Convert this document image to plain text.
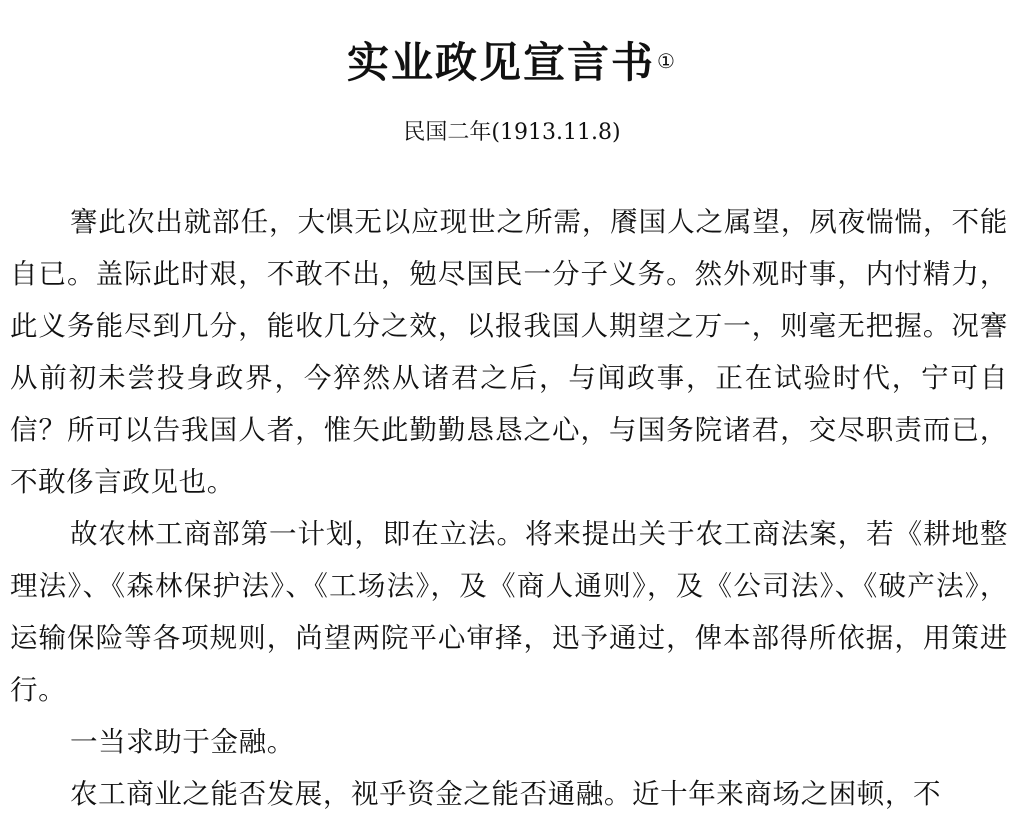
实业政见宣言书 ①
民国二年(1913.11.8)

謇此次出就部任，大惧无以应现世之所需，餍国人之属望，夙夜惴惴，不能自已。盖际此时艰，不敢不出，勉尽国民一分子义务。然外观时事，内忖精力，此义务能尽到几分，能收几分之效，以报我国人期望之万一，则毫无把握。况謇从前初未尝投身政界，今猝然从诸君之后，与闻政事，正在试验时代，宁可自信？所可以告我国人者，惟矢此勤勤恳恳之心，与国务院诸君，交尽职责而已，不敢侈言政见也。

故农林工商部第一计划，即在立法。将来提出关于农工商法案，若《耕地整理法》、《森林保护法》、《工场法》，及《商人通则》，及《公司法》、《破产法》，运输保险等各项规则，尚望两院平心审择，迅予通过，俾本部得所依据，用策进行。

一当求助于金融。

农工商业之能否发展，视乎资金之能否通融。近十年来商场之困顿，不
